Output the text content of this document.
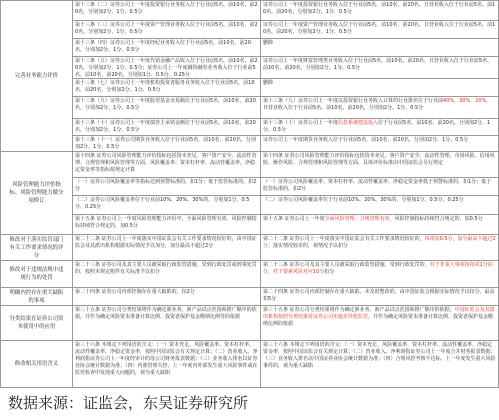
完善业务能力评价
风险管理能力评价指标、风险管理能力做分项修订
修改对于落实监管部门有关工作要求情况的评分
修改对于违规法规中违规行为的处罚
明确内控存在重大缺陷的事项
分类结果在证券公司资本使用中的应用
修改相关用语含义
第十三条（二）证券公司上一年度投资银行业务收入位于行业前5名，前10名，前20名，分别加2分、1分、0.5分
证券公司上一年度投资银行业务收入位于行业前5名，前10名，前20名，且营业收入位于行业前5名、前10名、前20名，分别加2分、1分、0.5分
第十三条（三）证券公司上一年度资产管理业务收入位于行业前5名，前10名，前20名，分别加2分、1分、0.5分
证券公司上一年度资产管理业务收入位于行业前5名，前10名，前20名，且营业收入位于行业前5名、前10名、前20名，分别加2分、1分、0.5分
第十三条（四）证券公司上一年度经纪业务收入位于行业前5名，前10名，前20名，分别加2分、1分、0.5分
删除
第十三条（五）证券公司上一年度代销金融产品收入位于行业前5名，前10名，前20名，分别加2分、1分、0.5分；证券公司上一年度融资融券业务收入位于行业前5名，前10名，前20名，分别加1分、0.5分、0.25分
证券公司上一年度财富管理类业务收入位于行业前5名，前10名，前20名，且营业收入位于行业前5名、前10名、前20名，分别加2分、1分、0.5分
第十三条（七）证券公司上一年度机构投资者服务业务收入位于行业前5名，前10名，前20名，分别加2分、1分、0.5分
删除
第十三条（九）证券公司上一年度股票基金交易额位于行业前5名，前10名，前20名，分别加2分、1分、0.5分
第十三条（九）证券公司上一年度以投资银行业务收入计算的行业排名位于行业前40%、30%、20%，且营业收入位于行业前5名、前10名、前20名，分别加2分、1分、0.5分
第十三条（十）证券公司上一年度债券主承销金额位于行业前5名，前10名，前20名，分别加2分、1分、0.5分
第十三条（十）证券公司上一年度信息系统建设投入位于行业前5名、前10名、前20名，分别加2分、1分、0.5分
第十三条（十一）证券公司期货业务收入位于行业前5名，前10名，前20名，分别加2分、1分、0.5分
证券公司上一年度期货业务收入位于行业前5名，前10名，前20名，分别加2分、1分、0.5分
第十四条 证券公司风险管理能力评价指标包括资本充足、客户资产安全、流动性管理、合规管理和风险管理等方面，风险覆盖率、资本杠杆率、流动性覆盖率、净稳定资金率等指标按规定计算
第十四条 证券公司风险管理能力评价指标包括资本充足、客户资产安全、流动性管理、市场风险、信用风险、操作风险、合规管理和风险管理等方面，具体评价标准由中国证监会另行规定
（一）证券公司风险覆盖率等指标达到预警标准的，扣1分；低于监管标准的，扣2分
（一）证券公司风险覆盖率、资本杠杆率、流动性覆盖率、净稳定资金率低于预警标准的，扣1分；低于监管标准的，扣2分
（二）证券公司风险覆盖率位于行业前10%、20%、30%的，分别加1分、0.5分、0.25分
（二）证券公司风险覆盖率位于行业前10%、20%、30%的，分别加1分、0.5分、0.25分
第十五条 证券公司上一年度风险管理能力评价中，全面风险管理有效、风险控制指标持续符合规定的，加0.5分
第十五条 证券公司上一年度全面风险管理、合规管理有效，风险控制指标持续符合规定的，加0.5分
第二十二条 证券公司上一年度落实中国证监会有关工作要求情况较好的，由中国证监会及其派出机构根据实际情况予以加分，加分最高不超过2分
第二十二条 证券公司上一年度落实中国证监会有关工作要求情况较好的，每项加0.5分，加分最高不超过2分；落实情况较差的，视情况予以扣分
第二十三条 证券公司及其主要人员被采取行政监管措施、受到行政处罚或刑事处罚的，按照本规定附件有关标准予以扣分
第二十三条 证券公司及其主要人员被采取行政监管措施、受到行政处罚的，对于非重大事项按每项1分扣分，对于要素风险对应10分扣分
第二十四条 证券公司内部控制存在重大缺陷的，扣2分	第二十四条 证券公司内部控制存在重大缺陷、未及时整改的，由中国证监会根据实际情况予以扣分，最高扣5分
第三十五条 证券公司分类结果将作为确定新业务、新产品试点范围和推广顺序的依据，并作为确定风险资本准备计算比例、投资者保护基金缴纳比例等的依据
第三十五条 证券公司分类结果将作为确定新业务、新产品试点范围和推广顺序的依据；中国证监会及其派出机构按照分类结果对证券公司实施差异化监管，并作为确定风险资本准备计算比例、投资者保护基金缴纳比例的依据
第三十六条 本规定下列用语的含义：（一）资本充足、风险覆盖率、资本杠杆率、流动性覆盖率、净稳定资金率，按照中国证监会有关规定计算；（二）营业收入、净利润指证券公司上一年度经审计的母公司财务报表数据；（三）业务收入排名以证券业协会统计数据为准；（四）内部管理失控、上一年度内外部发生重大风险事件或在监管检查中发现重大问题的，视为重大缺陷
第三十六条 本规定下列用语的含义：（一）资本充足、风险覆盖率、资本杠杆率、流动性覆盖率、净稳定资金率，按照中国证监会有关规定计算；（二）营业收入、净利润指证券公司上一年度合并财务报表数据；（三）业务收入排名以中国证券业协会统计数据为准；（四）合规风控考核不达标、上一年度发生重大风险事件的，视为重大缺陷
数据来源：证监会，东吴证券研究所
